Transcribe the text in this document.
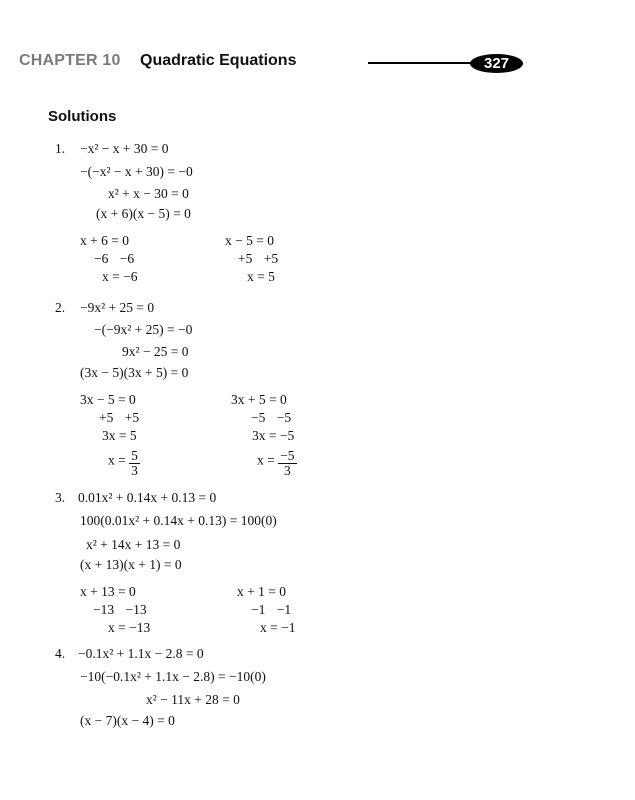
CHAPTER 10 Quadratic Equations	327
Solutions
1. −x² − x + 30 = 0
−(−x² − x + 30) = −0
x² + x − 30 = 0
(x + 6)(x − 5) = 0
x + 6 = 0
−6 −6
x = −6
x − 5 = 0
+5 +5
x = 5
2. −9x² + 25 = 0
−(−9x² + 25) = −0
9x² − 25 = 0
(3x − 5)(3x + 5) = 0
3x − 5 = 0
+5 +5
3x = 5
$x = \frac{5}{3}$
3x + 5 = 0
−5 −5
3x = −5
$x = \frac{-5}{3}$
3. 0.01x² + 0.14x + 0.13 = 0
100(0.01x² + 0.14x + 0.13) = 100(0)
x² + 14x + 13 = 0
(x + 13)(x + 1) = 0
x + 13 = 0
−13 −13
x = −13
x + 1 = 0
−1 −1
x = −1
4. −0.1x² + 1.1x − 2.8 = 0
−10(−0.1x² + 1.1x − 2.8) = −10(0)
x² − 11x + 28 = 0
(x − 7)(x − 4) = 0
